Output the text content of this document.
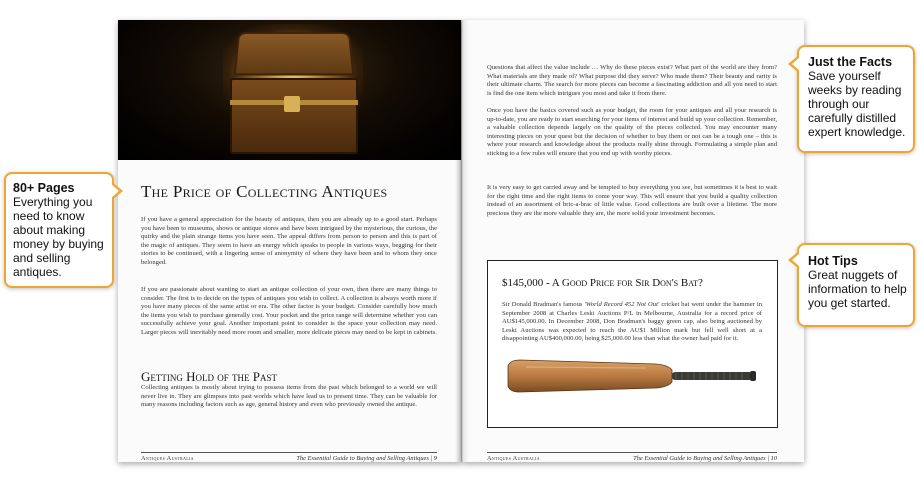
The Price of Collecting Antiques

If you have a general appreciation for the beauty of antiques, then you are already up to a good start. Perhaps you have been to museums, shows or antique stores and have been intrigued by the mysterious, the curious, the quirky and the plain strange items you have seen. The appeal differs from person to person and this is part of the magic of antiques. They seem to have an energy which speaks to people in various ways, begging for their stories to be continued, with a lingering sense of anonymity of where they have been and to whom they once belonged.

If you are passionate about wanting to start an antique collection of your own, then there are many things to consider. The first is to decide on the types of antiques you wish to collect. A collection is always worth more if you have many pieces of the same artist or era. The other factor is your budget. Consider carefully how much the items you wish to purchase generally cost. Your pocket and the price range will determine whether you can successfully achieve your goal. Another important point to consider is the space your collection may need. Larger pieces will inevitably need more room and smaller, more delicate pieces may need to be kept in cabinets.

Getting Hold of the Past

Collecting antiques is mostly about trying to possess items from the past which belonged to a world we will never live in. They are glimpses into past worlds which have lead us to present time. They can be valuable for many reasons including factors such as age, general history and even who previously owned the antique.

Antiques Australia	The Essential Guide to Buying and Selling Antiques | 9

Questions that affect the value include … Why do these pieces exist? What part of the world are they from? What materials are they made of? What purpose did they serve? Who made them? Their beauty and rarity is their ultimate charm. The search for more pieces can become a fascinating addiction and all you need to start is find the one item which intrigues you most and take it from there.

Once you have the basics covered such as your budget, the room for your antiques and all your research is up-to-date, you are ready to start searching for your items of interest and build up your collection. Remember, a valuable collection depends largely on the quality of the pieces collected. You may encounter many interesting pieces on your quest but the decision of whether to buy them or not can be a tough one – this is where your research and knowledge about the products really shine through. Formulating a simple plan and sticking to a few rules will ensure that you end up with worthy pieces.

It is very easy to get carried away and be tempted to buy everything you see, but sometimes it is best to wait for the right time and the right items to come your way. This will ensure that you build a quality collection instead of an assortment of bric-a-brac of little value. Good collections are built over a lifetime. The more precious they are the more valuable they are, the more solid your investment becomes.

$145,000 - A Good Price for Sir Don's Bat?

Sir Donald Bradman's famous 'World Record 452 Not Out' cricket bat went under the hammer in September 2008 at Charles Leski Auctions P/L in Melbourne, Australia for a record price of AU$145,000.00. In December 2008, Don Bradman's baggy green cap, also being auctioned by Leski Auctions was expected to reach the AU$1 Million mark but fell well short at a disappointing AU$400,000.00, being $25,000.00 less than what the owner had paid for it.

Antiques Australia	The Essential Guide to Buying and Selling Antiques | 10
80+ Pages
Everything you need to know about making money by buying and selling antiques.
Just the Facts
Save yourself weeks by reading through our carefully distilled expert knowledge.
Hot Tips
Great nuggets of information to help you get started.
